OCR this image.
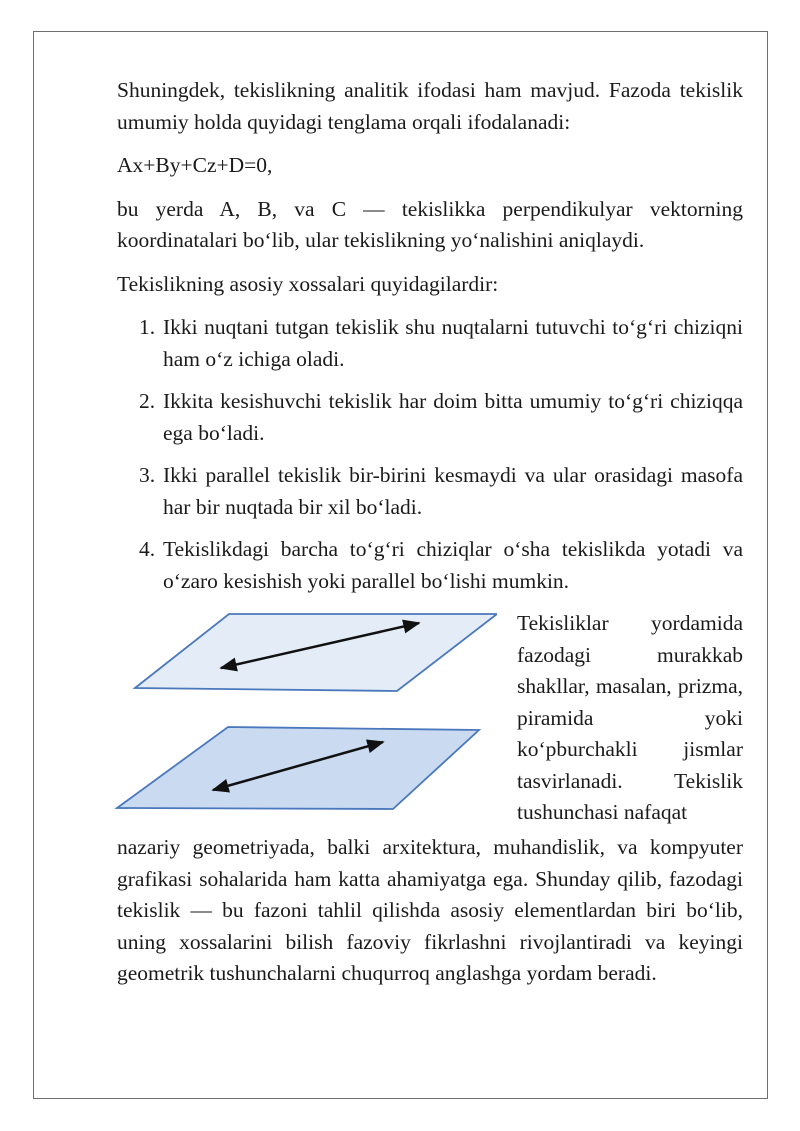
Shuningdek, tekislikning analitik ifodasi ham mavjud. Fazoda tekislik umumiy holda quyidagi tenglama orqali ifodalanadi:

Ax+By+Cz+D=0,

bu yerda A, B, va C — tekislikka perpendikulyar vektorning koordinatalari bo‘lib, ular tekislikning yo‘nalishini aniqlaydi.

Tekislikning asosiy xossalari quyidagilardir:

1. Ikki nuqtani tutgan tekislik shu nuqtalarni tutuvchi to‘g‘ri chiziqni ham o‘z ichiga oladi.
2. Ikkita kesishuvchi tekislik har doim bitta umumiy to‘g‘ri chiziqqa ega bo‘ladi.
3. Ikki parallel tekislik bir-birini kesmaydi va ular orasidagi masofa har bir nuqtada bir xil bo‘ladi.
4. Tekislikdagi barcha to‘g‘ri chiziqlar o‘sha tekislikda yotadi va o‘zaro kesishish yoki parallel bo‘lishi mumkin.

Tekisliklar yordamida fazodagi murakkab shakllar, masalan, prizma, piramida yoki ko‘pburchakli jismlar tasvirlanadi. Tekislik tushunchasi nafaqat

nazariy geometriyada, balki arxitektura, muhandislik, va kompyuter grafikasi sohalarida ham katta ahamiyatga ega. Shunday qilib, fazodagi tekislik — bu fazoni tahlil qilishda asosiy elementlardan biri bo‘lib, uning xossalarini bilish fazoviy fikrlashni rivojlantiradi va keyingi geometrik tushunchalarni chuqurroq anglashga yordam beradi.
